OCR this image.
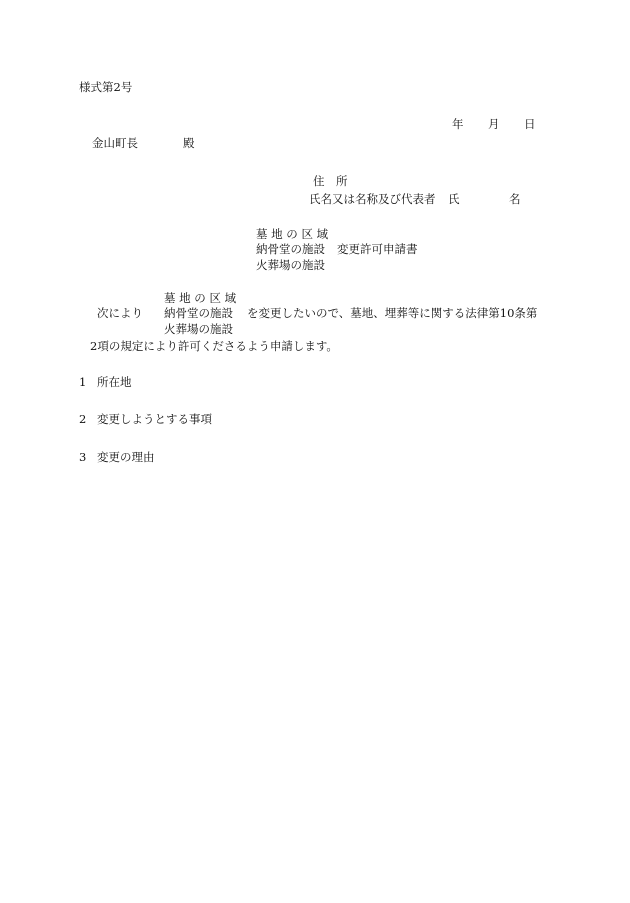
様式第2号
年 月 日
金山町長	殿
住　所
氏名又は名称及び代表者 氏	名
墓 地 の 区 域
納骨堂の施設 変更許可申請書
火葬場の施設
墓 地 の 区 域
次により 納骨堂の施設 を変更したいので、墓地、埋葬等に関する法律第10条第
火葬場の施設
2項の規定により許可くださるよう申請します。
1 所在地
2 変更しようとする事項
3 変更の理由
